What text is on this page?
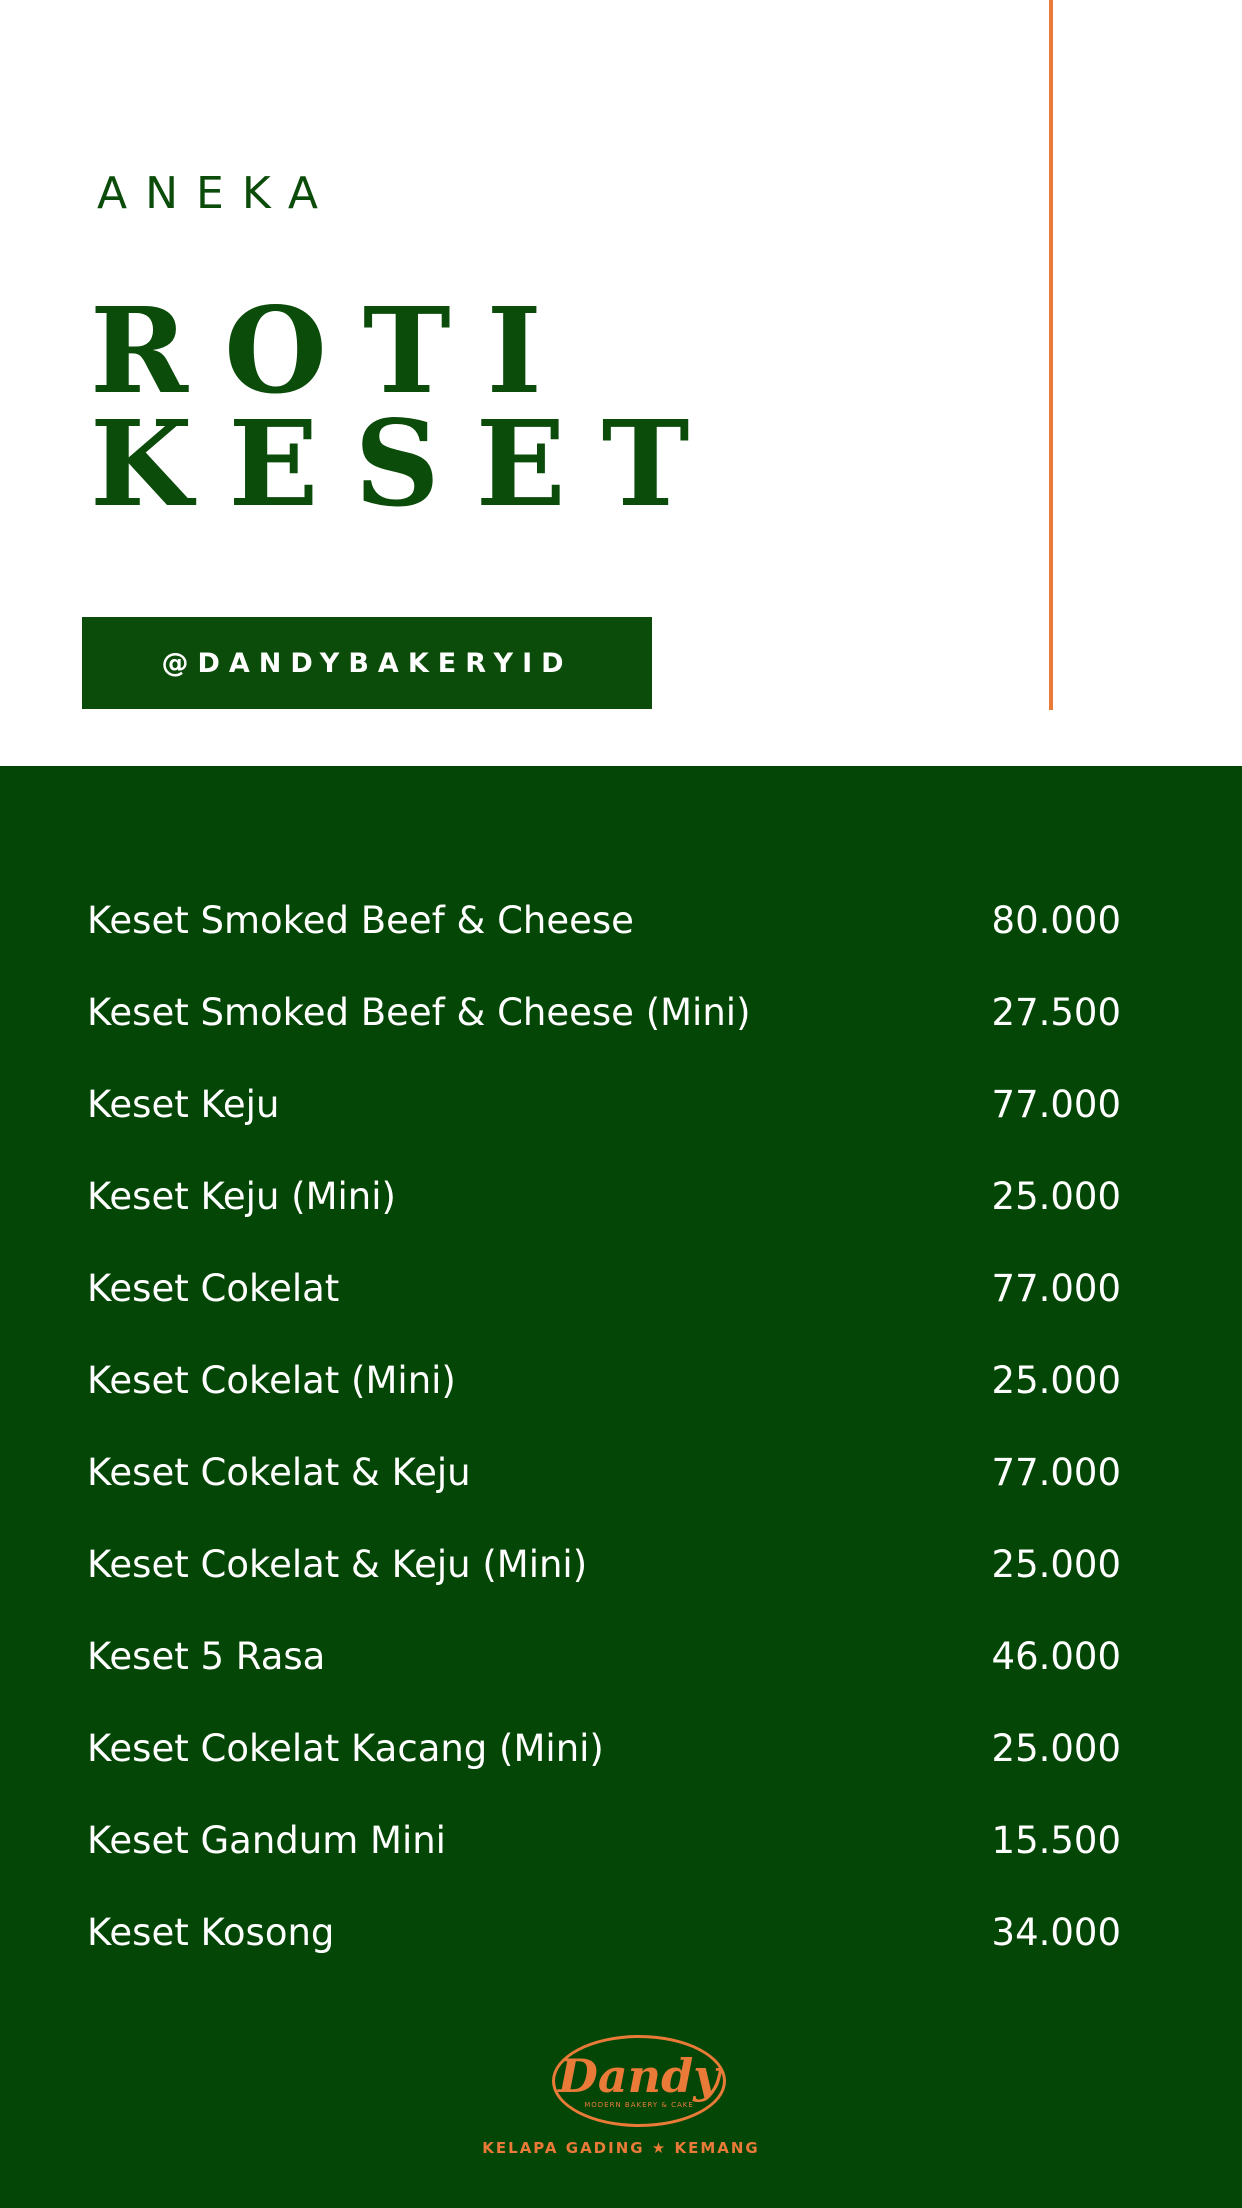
ANEKA
ROTI
KESET
@DANDYBAKERYID
Keset Smoked Beef & Cheese	80.000
Keset Smoked Beef & Cheese (Mini)	27.500
Keset Keju	77.000
Keset Keju (Mini)	25.000
Keset Cokelat	77.000
Keset Cokelat (Mini)	25.000
Keset Cokelat & Keju	77.000
Keset Cokelat & Keju (Mini)	25.000
Keset 5 Rasa	46.000
Keset Cokelat Kacang (Mini)	25.000
Keset Gandum Mini	15.500
Keset Kosong	34.000
Dandy
MODERN BAKERY & CAKE
KELAPA GADING ★ KEMANG
